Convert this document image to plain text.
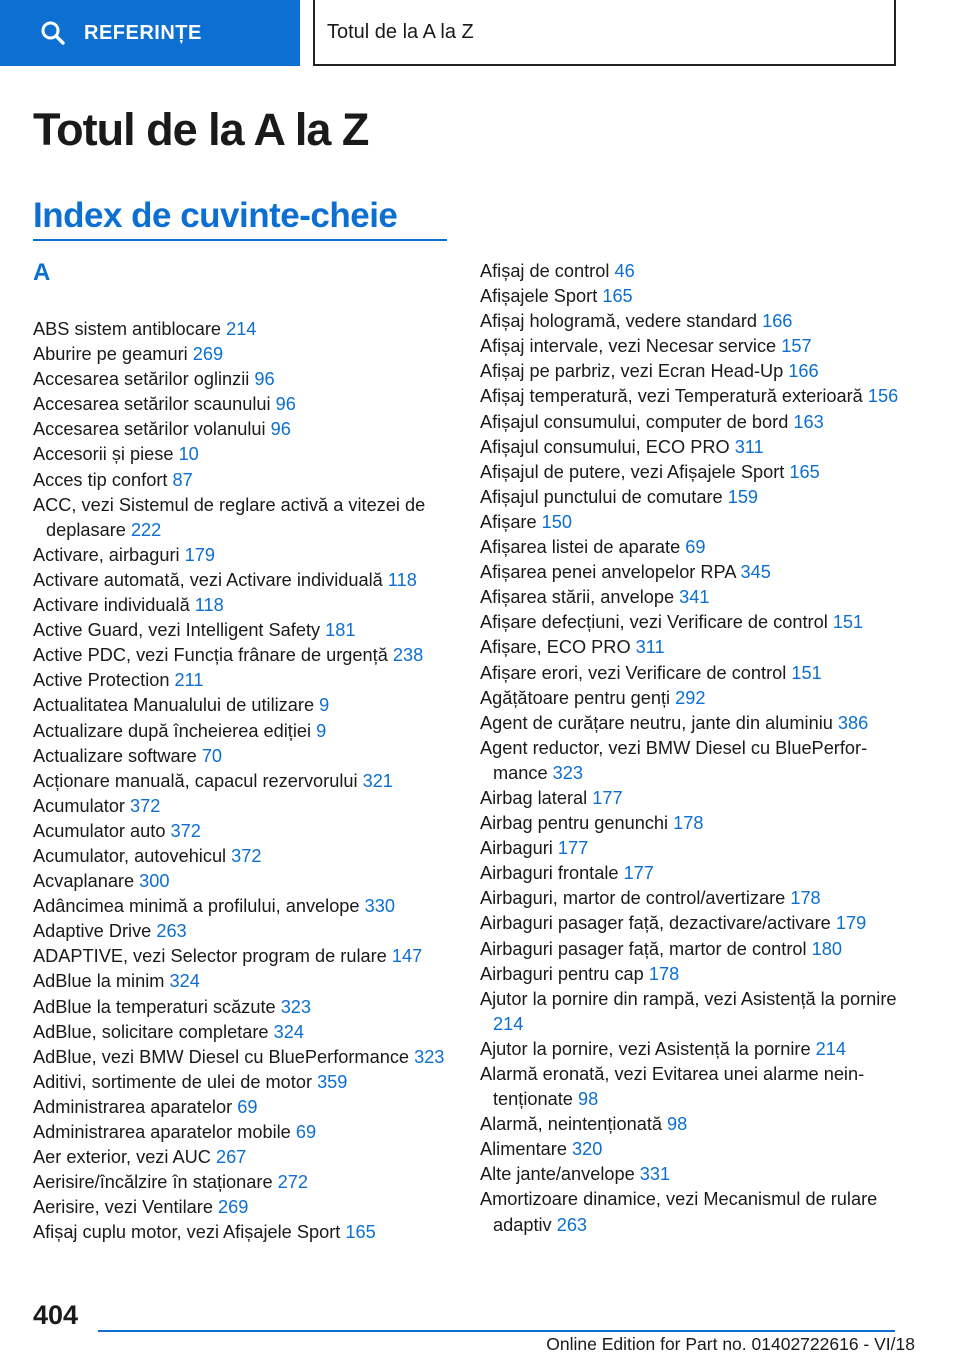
REFERINȚE	Totul de la A la Z
Totul de la A la Z
Index de cuvinte-cheie
A
ABS sistem antiblocare 214
Aburire pe geamuri 269
Accesarea setărilor oglinzii 96
Accesarea setărilor scaunului 96
Accesarea setărilor volanului 96
Accesorii și piese 10
Acces tip confort 87
ACC, vezi Sistemul de reglare activă a vitezei de deplasare 222
Activare, airbaguri 179
Activare automată, vezi Activare individuală 118
Activare individuală 118
Active Guard, vezi Intelligent Safety 181
Active PDC, vezi Funcția frânare de urgență 238
Active Protection 211
Actualitatea Manualului de utilizare 9
Actualizare după încheierea ediției 9
Actualizare software 70
Acționare manuală, capacul rezervorului 321
Acumulator 372
Acumulator auto 372
Acumulator, autovehicul 372
Acvaplanare 300
Adâncimea minimă a profilului, anvelope 330
Adaptive Drive 263
ADAPTIVE, vezi Selector program de rulare 147
AdBlue la minim 324
AdBlue la temperaturi scăzute 323
AdBlue, solicitare completare 324
AdBlue, vezi BMW Diesel cu BluePerformance 323
Aditivi, sortimente de ulei de motor 359
Administrarea aparatelor 69
Administrarea aparatelor mobile 69
Aer exterior, vezi AUC 267
Aerisire/încălzire în staționare 272
Aerisire, vezi Ventilare 269
Afișaj cuplu motor, vezi Afișajele Sport 165
Afișaj de control 46
Afișajele Sport 165
Afișaj hologramă, vedere standard 166
Afișaj intervale, vezi Necesar service 157
Afișaj pe parbriz, vezi Ecran Head-Up 166
Afișaj temperatură, vezi Temperatură exterioară 156
Afișajul consumului, computer de bord 163
Afișajul consumului, ECO PRO 311
Afișajul de putere, vezi Afișajele Sport 165
Afișajul punctului de comutare 159
Afișare 150
Afișarea listei de aparate 69
Afișarea penei anvelopelor RPA 345
Afișarea stării, anvelope 341
Afișare defecțiuni, vezi Verificare de control 151
Afișare, ECO PRO 311
Afișare erori, vezi Verificare de control 151
Agățătoare pentru genți 292
Agent de curățare neutru, jante din aluminiu 386
Agent reductor, vezi BMW Diesel cu BluePerformance 323
Airbag lateral 177
Airbag pentru genunchi 178
Airbaguri 177
Airbaguri frontale 177
Airbaguri, martor de control/avertizare 178
Airbaguri pasager față, dezactivare/activare 179
Airbaguri pasager față, martor de control 180
Airbaguri pentru cap 178
Ajutor la pornire din rampă, vezi Asistență la pornire 214
Ajutor la pornire, vezi Asistență la pornire 214
Alarmă eronată, vezi Evitarea unei alarme neintenționate 98
Alarmă, neintenționată 98
Alimentare 320
Alte jante/anvelope 331
Amortizoare dinamice, vezi Mecanismul de rulare adaptiv 263
404
Online Edition for Part no. 01402722616 - VI/18
